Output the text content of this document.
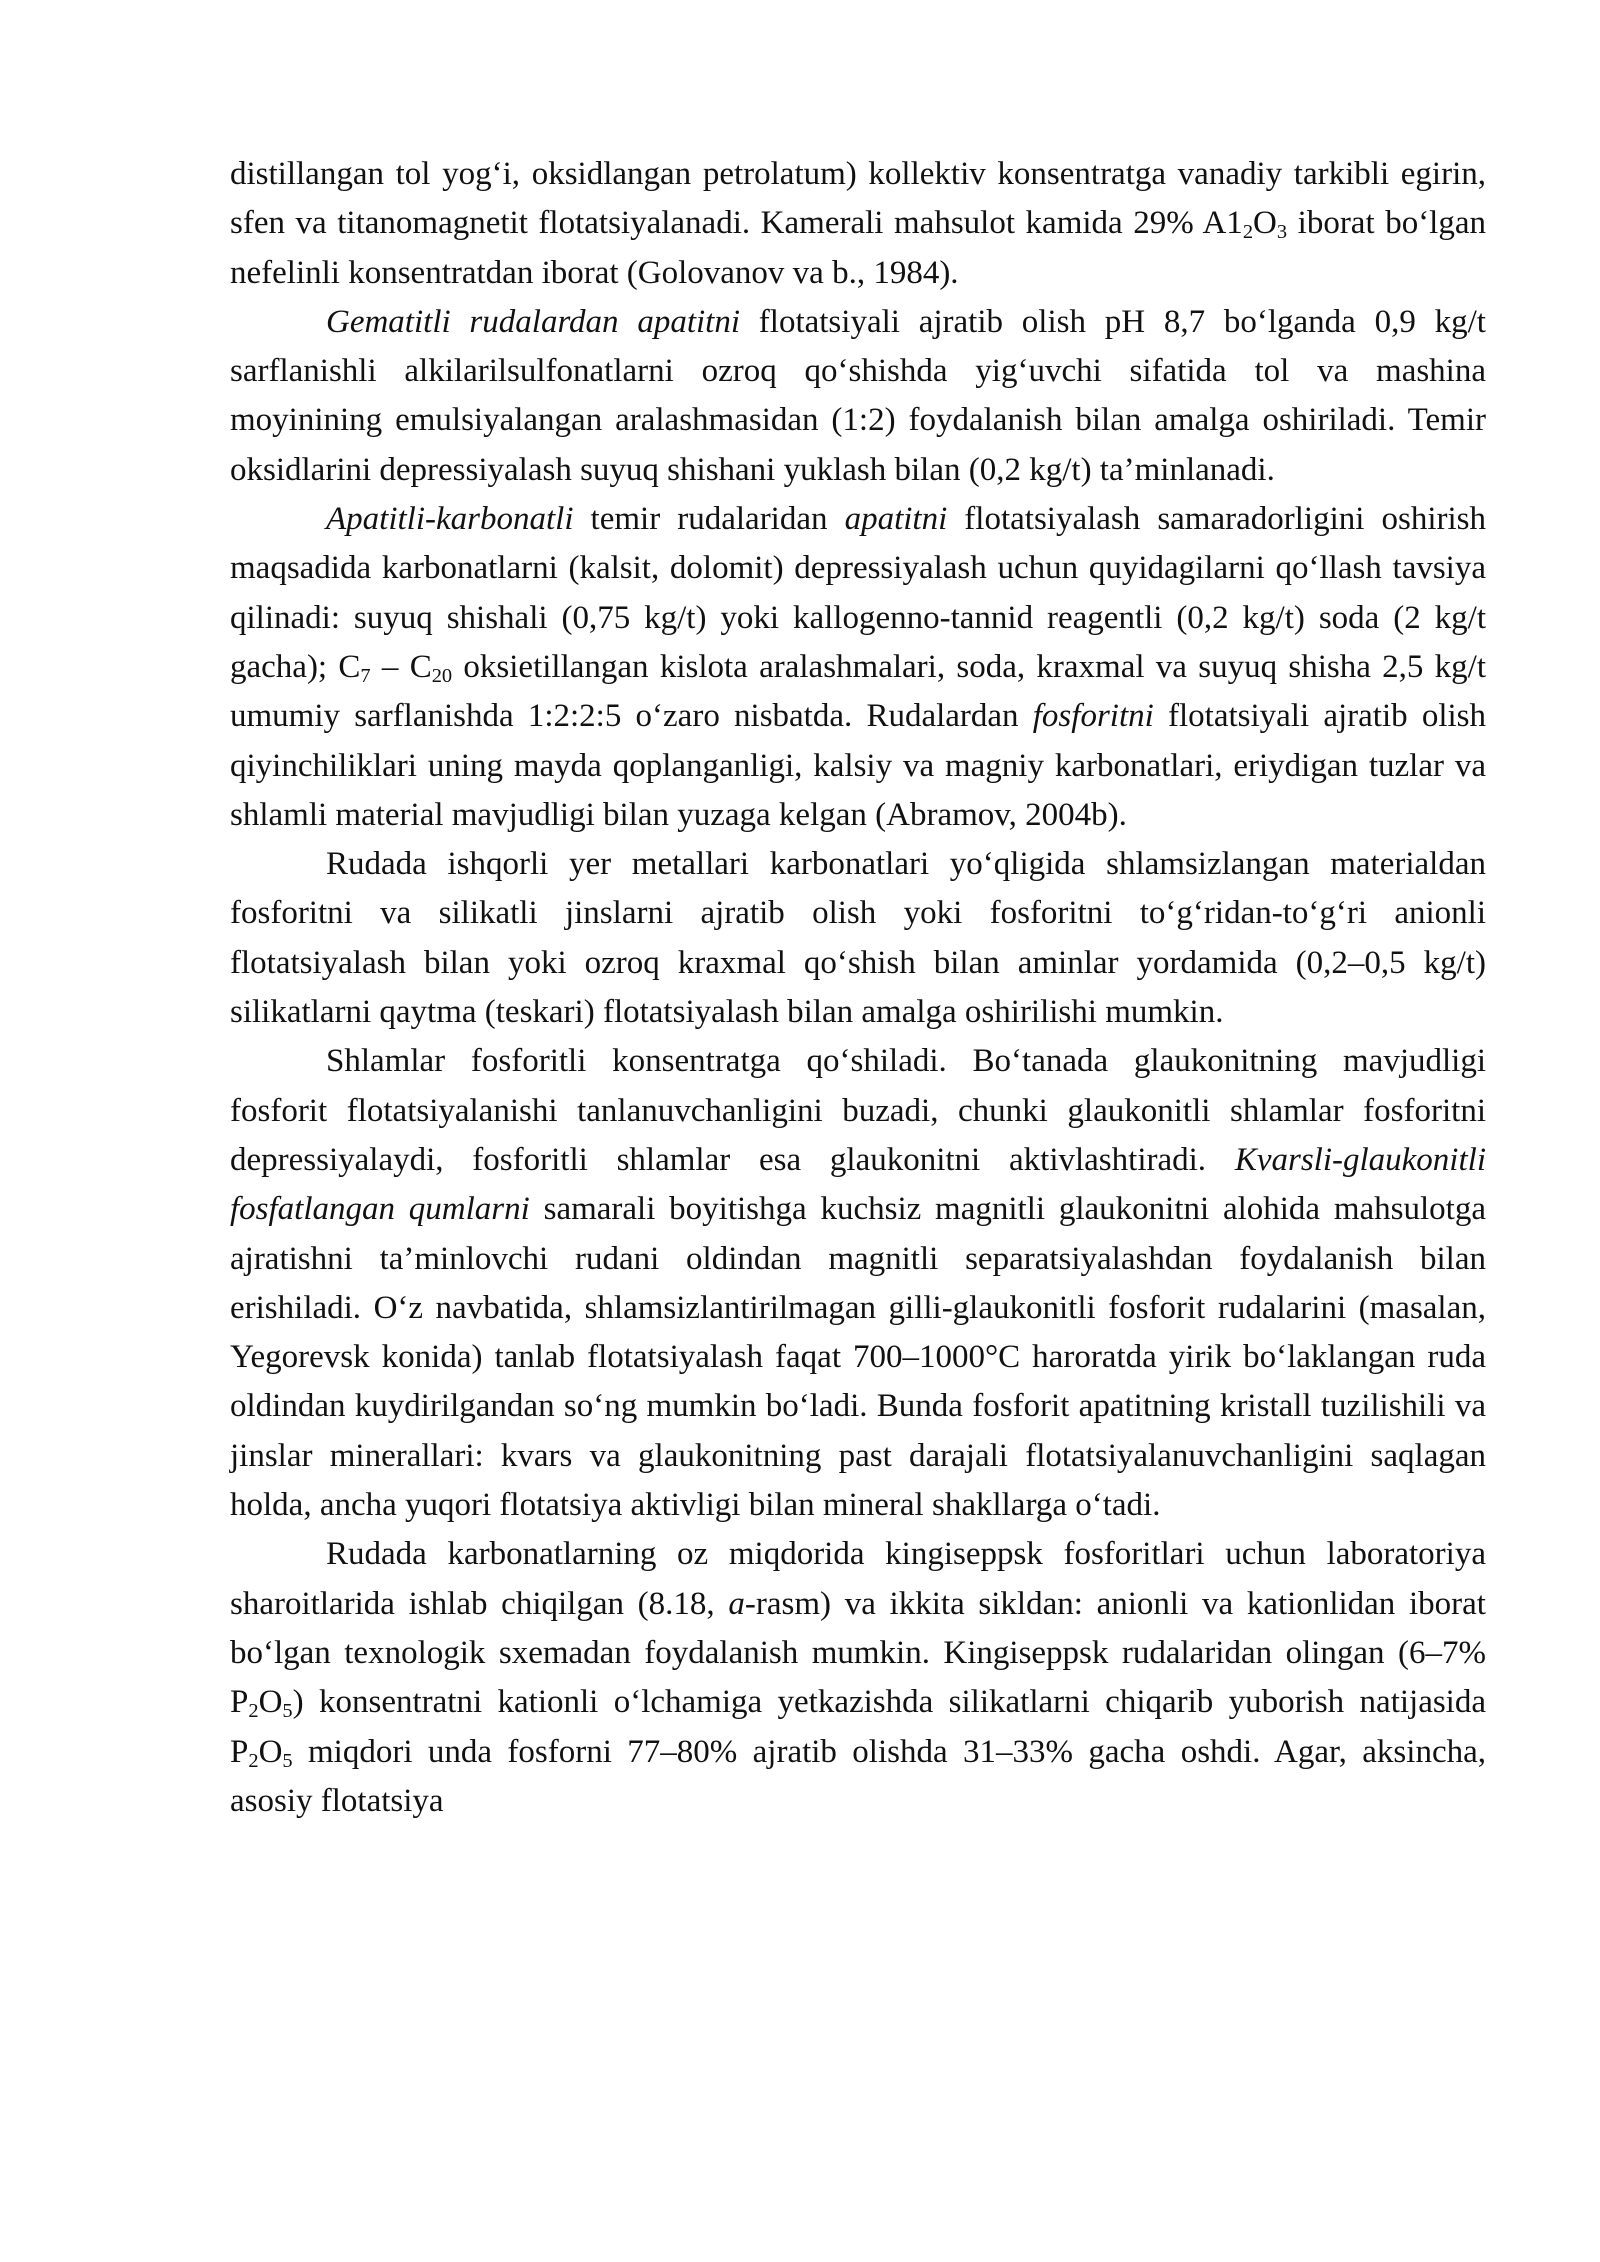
distillangan tol yog‘i, oksidlangan petrolatum) kollektiv konsentratga vanadiy tarkibli egirin, sfen va titanomagnetit flotatsiyalanadi. Kamerali mahsulot kamida 29% $A1_2O_3$ iborat bo‘lgan nefelinli konsentratdan iborat (Golovanov va b., 1984).

Gematitli rudalardan apatitni flotatsiyali ajratib olish pH 8,7 bo‘lganda 0,9 kg/t sarflanishli alkilarilsulfonatlarni ozroq qo‘shishda yig‘uvchi sifatida tol va mashina moyinining emulsiyalangan aralashmasidan (1:2) foydalanish bilan amalga oshiriladi. Temir oksidlarini depressiyalash suyuq shishani yuklash bilan (0,2 kg/t) ta’minlanadi.

Apatitli-karbonatli temir rudalaridan apatitni flotatsiyalash samaradorligini oshirish maqsadida karbonatlarni (kalsit, dolomit) depressiyalash uchun quyidagilarni qo‘llash tavsiya qilinadi: suyuq shishali (0,75 kg/t) yoki kallogenno-tannid reagentli (0,2 kg/t) soda (2 kg/t gacha); $C_7 - C_{20}$ oksietillangan kislota aralashmalari, soda, kraxmal va suyuq shisha 2,5 kg/t umumiy sarflanishda 1:2:2:5 o‘zaro nisbatda. Rudalardan fosforitni flotatsiyali ajratib olish qiyinchiliklari uning mayda qoplanganligi, kalsiy va magniy karbonatlari, eriydigan tuzlar va shlamli material mavjudligi bilan yuzaga kelgan (Abramov, 2004b).

Rudada ishqorli yer metallari karbonatlari yo‘qligida shlamsizlangan materialdan fosforitni va silikatli jinslarni ajratib olish yoki fosforitni to‘g‘ridan-to‘g‘ri anionli flotatsiyalash bilan yoki ozroq kraxmal qo‘shish bilan aminlar yordamida (0,2–0,5 kg/t) silikatlarni qaytma (teskari) flotatsiyalash bilan amalga oshirilishi mumkin.

Shlamlar fosforitli konsentratga qo‘shiladi. Bo‘tanada glaukonitning mavjudligi fosforit flotatsiyalanishi tanlanuvchanligini buzadi, chunki glaukonitli shlamlar fosforitni depressiyalaydi, fosforitli shlamlar esa glaukonitni aktivlashtiradi. Kvarsli-glaukonitli fosfatlangan qumlarni samarali boyitishga kuchsiz magnitli glaukonitni alohida mahsulotga ajratishni ta’minlovchi rudani oldindan magnitli separatsiyalashdan foydalanish bilan erishiladi. O‘z navbatida, shlamsizlantirilmagan gilli-glaukonitli fosforit rudalarini (masalan, Yegorevsk konida) tanlab flotatsiyalash faqat 700–1000°C haroratda yirik bo‘laklangan ruda oldindan kuydirilgandan so‘ng mumkin bo‘ladi. Bunda fosforit apatitning kristall tuzilishili va jinslar minerallari: kvars va glaukonitning past darajali flotatsiyalanuvchanligini saqlagan holda, ancha yuqori flotatsiya aktivligi bilan mineral shakllarga o‘tadi.

Rudada karbonatlarning oz miqdorida kingiseppsk fosforitlari uchun laboratoriya sharoitlarida ishlab chiqilgan (8.18, a-rasm) va ikkita sikldan: anionli va kationlidan iborat bo‘lgan texnologik sxemadan foydalanish mumkin. Kingiseppsk rudalaridan olingan (6–7% $P_2O_5$) konsentratni kationli o‘lchamiga yetkazishda silikatlarni chiqarib yuborish natijasida $P_2O_5$ miqdori unda fosforni 77–80% ajratib olishda 31–33% gacha oshdi. Agar, aksincha, asosiy flotatsiya
